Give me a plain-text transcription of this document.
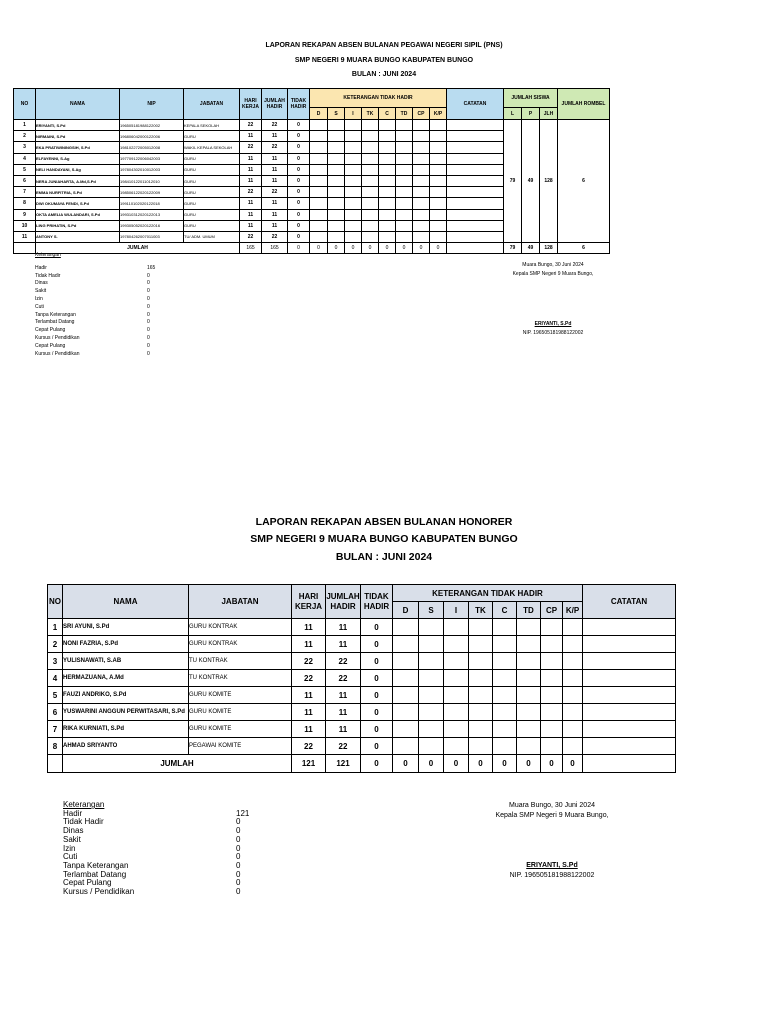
LAPORAN REKAPAN ABSEN BULANAN PEGAWAI NEGERI SIPIL (PNS)
SMP NEGERI 9 MUARA BUNGO KABUPATEN BUNGO
BULAN : JUNI 2024
NO	NAMA	NIP	JABATAN	HARI KERJA	JUMLAH HADIR	TIDAK HADIR	KETERANGAN TIDAK HADIR								CATATAN	JUMLAH SISWA			JUMLAH ROMBEL
							D	S	I	TK	C	TD	CP	K/P		L	P	JLH	
1	ERIYANTI, S.Pd	196505181988122002	KEPALA SEKOLAH	22	22	0										79	49	128	6
2	NIRMAINI, S.Pd	196806042000122006	GURU	11	11	0													
3	EKA PRATIWININGSIH, S.Pd	198102272005012008	WAKIL KEPALA SEKOLAH	22	22	0													
4	ELFAYENNI, S.Ag	197709122006042003	GURU	11	11	0													
5	NELI HANDAYANI, S.Ag	197804302010012003	GURU	11	11	0													
6	NERA JUNIAHARTA, A.Md,S.Pd	198410122011012010	GURU	11	11	0													
7	EMMA NURFITRIA, S.Pd	198506122020122009	GURU	22	22	0													
8	DWI OKUMAYA FENDI, S.Pd	199110102020122018	GURU	11	11	0													
9	OKTA AMELIA WULANDARI, S.Pd	199310312020122013	GURU	11	11	0													
10	LING PRIHATIN, S.Pd	199305052020122016	GURU	11	11	0													
11	ANTONY S.	197804262007011003	TU/ ADM. UMUM	22	22	0													
	JUMLAH			165	165	0	0	0	0	0	0	0	0	0		79	49	128	6
Keterangan
Hadir	165
Tidak Hadir	0
Dinas	0
Sakit	0
Izin	0
Cuti	0
Tanpa Keterangan	0
Terlambat Datang	0
Cepat Pulang	0
Kursus / Pendidikan	0
Cepat Pulang	0
Kursus / Pendidikan	0
Muara Bungo, 30 Juni 2024
Kepala SMP Negeri 9 Muara Bungo,
ERIYANTI, S.Pd
NIP. 196505181988122002
LAPORAN REKAPAN ABSEN BULANAN HONORER
SMP NEGERI 9 MUARA BUNGO KABUPATEN BUNGO
BULAN : JUNI 2024
NO	NAMA	JABATAN	HARI KERJA	JUMLAH HADIR	TIDAK HADIR	KETERANGAN TIDAK HADIR								CATATAN
						D	S	I	TK	C	TD	CP	K/P	
1	SRI AYUNI, S.Pd	GURU KONTRAK	11	11	0									
2	NONI FAZRIA, S.Pd	GURU KONTRAK	11	11	0									
3	YULISNAWATI, S.AB	TU KONTRAK	22	22	0									
4	HERMAZUANA, A.Md	TU KONTRAK	22	22	0									
5	FAUZI ANDRIKO, S.Pd	GURU KOMITE	11	11	0									
6	YUSWARINI ANGGUN PERWITASARI, S.Pd	GURU KOMITE	11	11	0									
7	RIKA KURNIATI, S.Pd	GURU KOMITE	11	11	0									
8	AHMAD SRIYANTO	PEGAWAI KOMITE	22	22	0									
	JUMLAH		121	121	0	0	0	0	0	0	0	0	0	
Keterangan
Hadir	121
Tidak Hadir	0
Dinas	0
Sakit	0
Izin	0
Cuti	0
Tanpa Keterangan	0
Terlambat Datang	0
Cepat Pulang	0
Kursus / Pendidikan	0
Muara Bungo, 30 Juni 2024
Kepala SMP Negeri 9 Muara Bungo,
ERIYANTI, S.Pd
NIP. 196505181988122002
